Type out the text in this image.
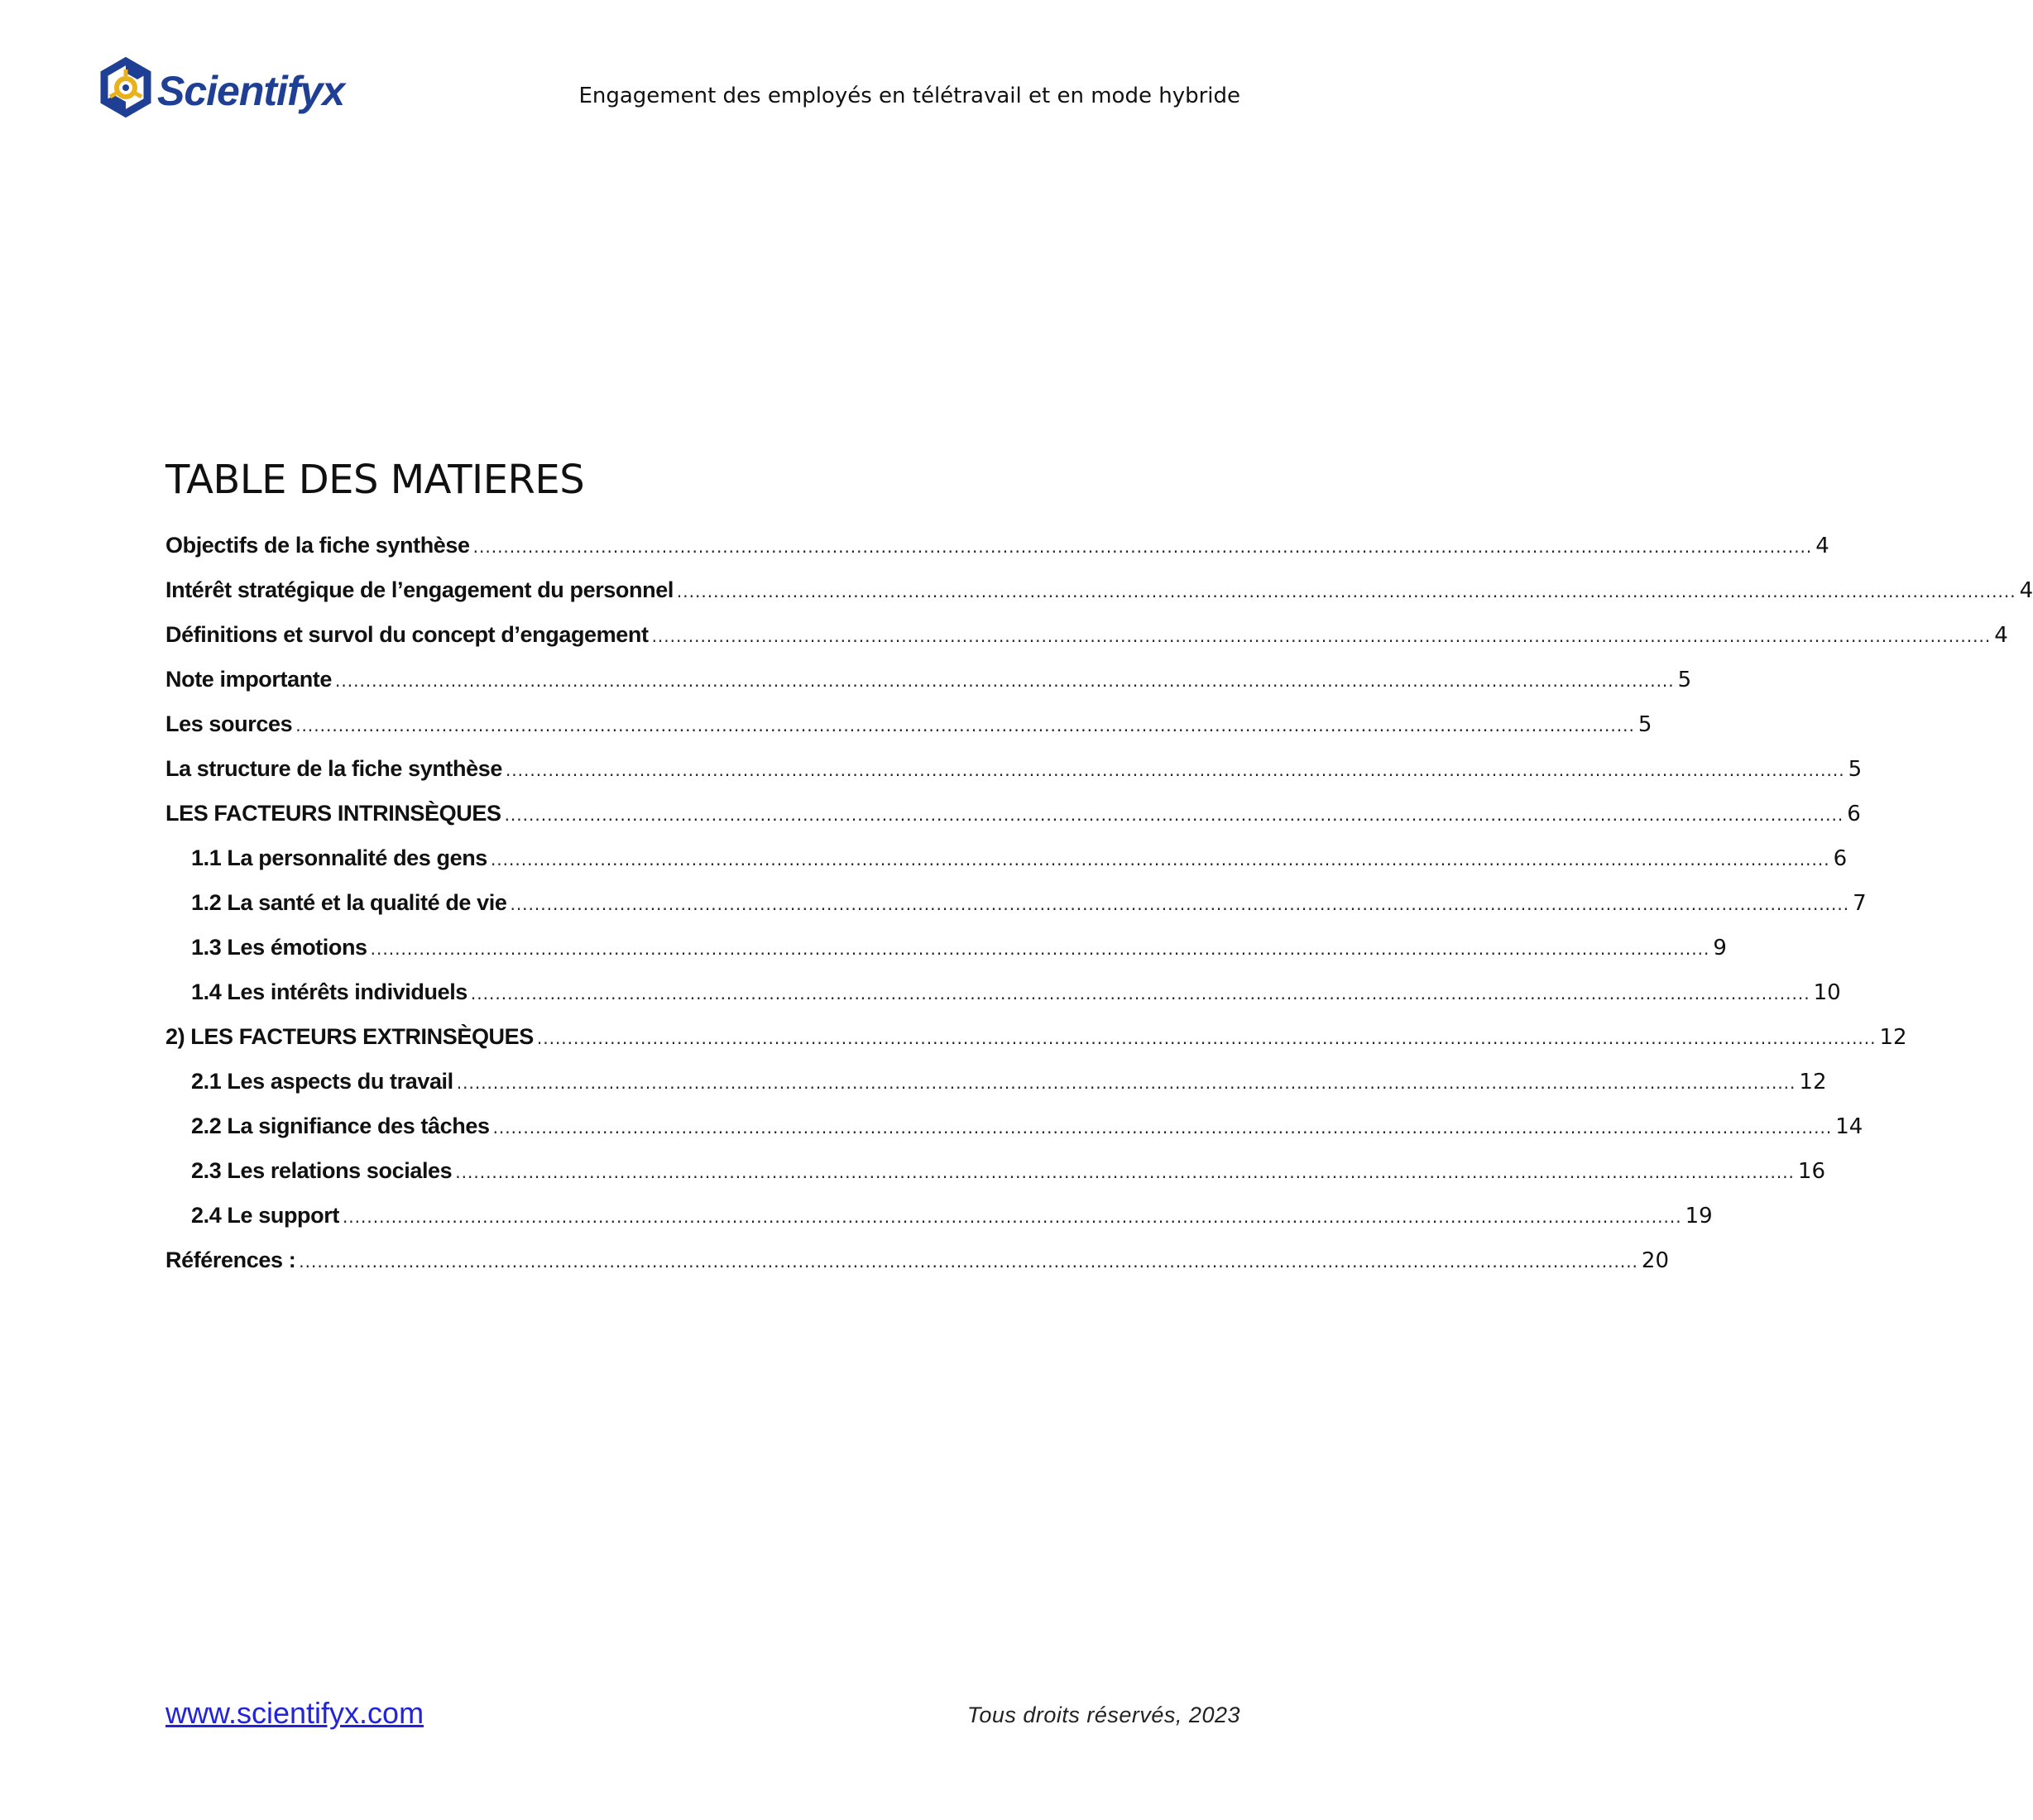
Scientifyx	Engagement des employés en télétravail et en mode hybride
TABLE DES MATIERES
Objectifs de la fiche synthèse ............................................................................................................................................................................................................................ 4
Intérêt stratégique de l’engagement du personnel ............................................................................................................................................................................................................................ 4
Définitions et survol du concept d’engagement ............................................................................................................................................................................................................................ 4
Note importante ............................................................................................................................................................................................................................ 5
Les sources ............................................................................................................................................................................................................................ 5
La structure de la fiche synthèse ............................................................................................................................................................................................................................ 5
LES FACTEURS INTRINSÈQUES ............................................................................................................................................................................................................................ 6
1.1 La personnalité des gens ............................................................................................................................................................................................................................ 6
1.2 La santé et la qualité de vie ............................................................................................................................................................................................................................ 7
1.3 Les émotions ............................................................................................................................................................................................................................ 9
1.4 Les intérêts individuels ............................................................................................................................................................................................................................ 10
2) LES FACTEURS EXTRINSÈQUES ............................................................................................................................................................................................................................ 12
2.1 Les aspects du travail ............................................................................................................................................................................................................................ 12
2.2 La signifiance des tâches ............................................................................................................................................................................................................................ 14
2.3 Les relations sociales ............................................................................................................................................................................................................................ 16
2.4 Le support ............................................................................................................................................................................................................................ 19
Références : ............................................................................................................................................................................................................................ 20
www.scientifyx.com	Tous droits réservés, 2023
